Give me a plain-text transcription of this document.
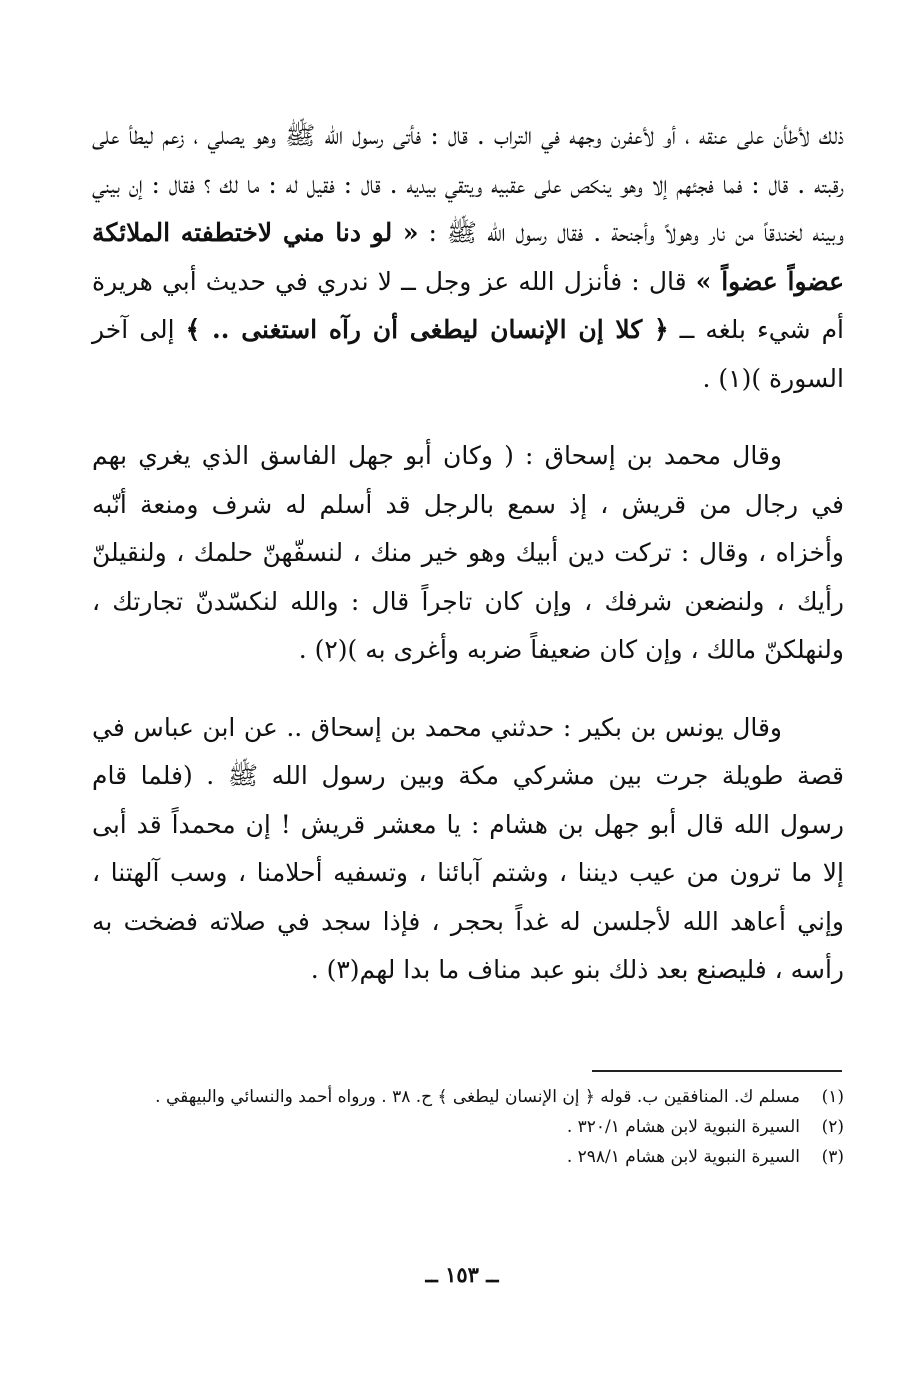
ذلك لأطأن على عنقه ، أو لأعفرن وجهه في التراب . قال : فأتى رسول الله ﷺ وهو يصلي ، زعم ليطأ على رقبته . قال : فما فجئهم إلا وهو ينكص على عقبيه ويتقي بيديه . قال : فقيل له : ما لك ؟ فقال : إن بيني وبينه لخندقاً من نار وهولاً وأجنحة . فقال رسول الله ﷺ : « لو دنا مني لاختطفته الملائكة عضواً عضواً » قال : فأنزل الله عز وجل ــ لا ندري في حديث أبي هريرة أم شيء بلغه ــ ﴿ كلا إن الإنسان ليطغى أن رآه استغنى .. ﴾ إلى آخر السورة )(١) .

وقال محمد بن إسحاق : ( وكان أبو جهل الفاسق الذي يغري بهم في رجال من قريش ، إذ سمع بالرجل قد أسلم له شرف ومنعة أنّبه وأخزاه ، وقال : تركت دين أبيك وهو خير منك ، لنسفّهنّ حلمك ، ولنقيلنّ رأيك ، ولنضعن شرفك ، وإن كان تاجراً قال : والله لنكسّدنّ تجارتك ، ولنهلكنّ مالك ، وإن كان ضعيفاً ضربه وأغرى به )(٢) .

وقال يونس بن بكير : حدثني محمد بن إسحاق .. عن ابن عباس في قصة طويلة جرت بين مشركي مكة وبين رسول الله ﷺ . (فلما قام رسول الله قال أبو جهل بن هشام : يا معشر قريش ! إن محمداً قد أبى إلا ما ترون من عيب ديننا ، وشتم آبائنا ، وتسفيه أحلامنا ، وسب آلهتنا ، وإني أعاهد الله لأجلسن له غداً بحجر ، فإذا سجد في صلاته فضخت به رأسه ، فليصنع بعد ذلك بنو عبد مناف ما بدا لهم(٣) .

(١)
مسلم ك. المنافقين ب. قوله ﴿ إن الإنسان ليطغى ﴾ ح. ٣٨ . ورواه أحمد والنسائي والبيهقي .

(٢)
السيرة النبوية لابن هشام ٣٢٠/١ .

(٣)
السيرة النبوية لابن هشام ٢٩٨/١ .

ــ ١٥٣ ــ
